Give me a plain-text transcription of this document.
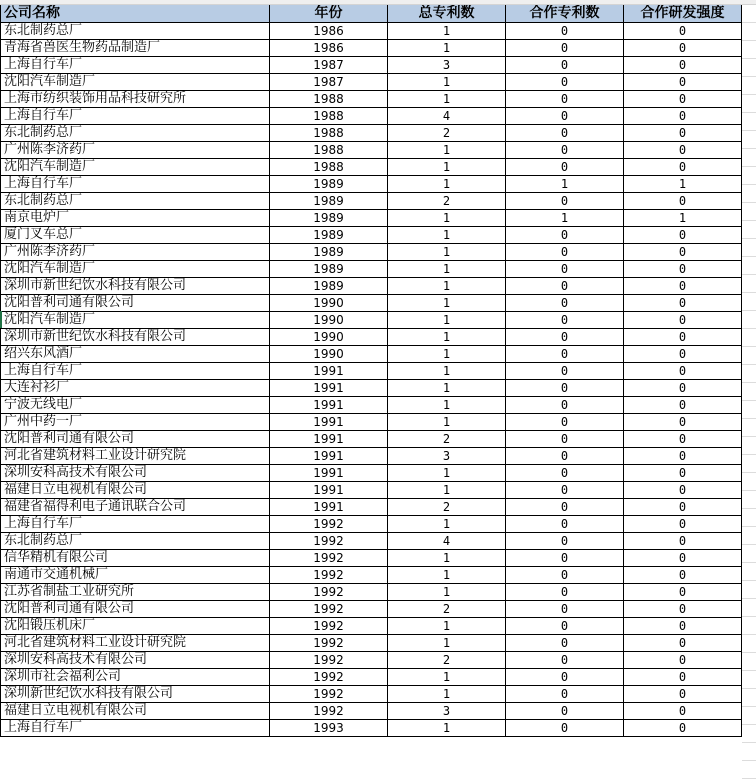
公司名称	年份	总专利数	合作专利数	合作研发强度
东北制药总厂	1986	1	0	0
青海省兽医生物药品制造厂	1986	1	0	0
上海自行车厂	1987	3	0	0
沈阳汽车制造厂	1987	1	0	0
上海市纺织装饰用品科技研究所	1988	1	0	0
上海自行车厂	1988	4	0	0
东北制药总厂	1988	2	0	0
广州陈李济药厂	1988	1	0	0
沈阳汽车制造厂	1988	1	0	0
上海自行车厂	1989	1	1	1
东北制药总厂	1989	2	0	0
南京电炉厂	1989	1	1	1
厦门叉车总厂	1989	1	0	0
广州陈李济药厂	1989	1	0	0
沈阳汽车制造厂	1989	1	0	0
深圳市新世纪饮水科技有限公司	1989	1	0	0
沈阳普利司通有限公司	1990	1	0	0
沈阳汽车制造厂	1990	1	0	0
深圳市新世纪饮水科技有限公司	1990	1	0	0
绍兴东风酒厂	1990	1	0	0
上海自行车厂	1991	1	0	0
大连衬衫厂	1991	1	0	0
宁波无线电厂	1991	1	0	0
广州中药一厂	1991	1	0	0
沈阳普利司通有限公司	1991	2	0	0
河北省建筑材料工业设计研究院	1991	3	0	0
深圳安科高技术有限公司	1991	1	0	0
福建日立电视机有限公司	1991	1	0	0
福建省福得利电子通讯联合公司	1991	2	0	0
上海自行车厂	1992	1	0	0
东北制药总厂	1992	4	0	0
信华精机有限公司	1992	1	0	0
南通市交通机械厂	1992	1	0	0
江苏省制盐工业研究所	1992	1	0	0
沈阳普利司通有限公司	1992	2	0	0
沈阳锻压机床厂	1992	1	0	0
河北省建筑材料工业设计研究院	1992	1	0	0
深圳安科高技术有限公司	1992	2	0	0
深圳市社会福利公司	1992	1	0	0
深圳新世纪饮水科技有限公司	1992	1	0	0
福建日立电视机有限公司	1992	3	0	0
上海自行车厂	1993	1	0	0
